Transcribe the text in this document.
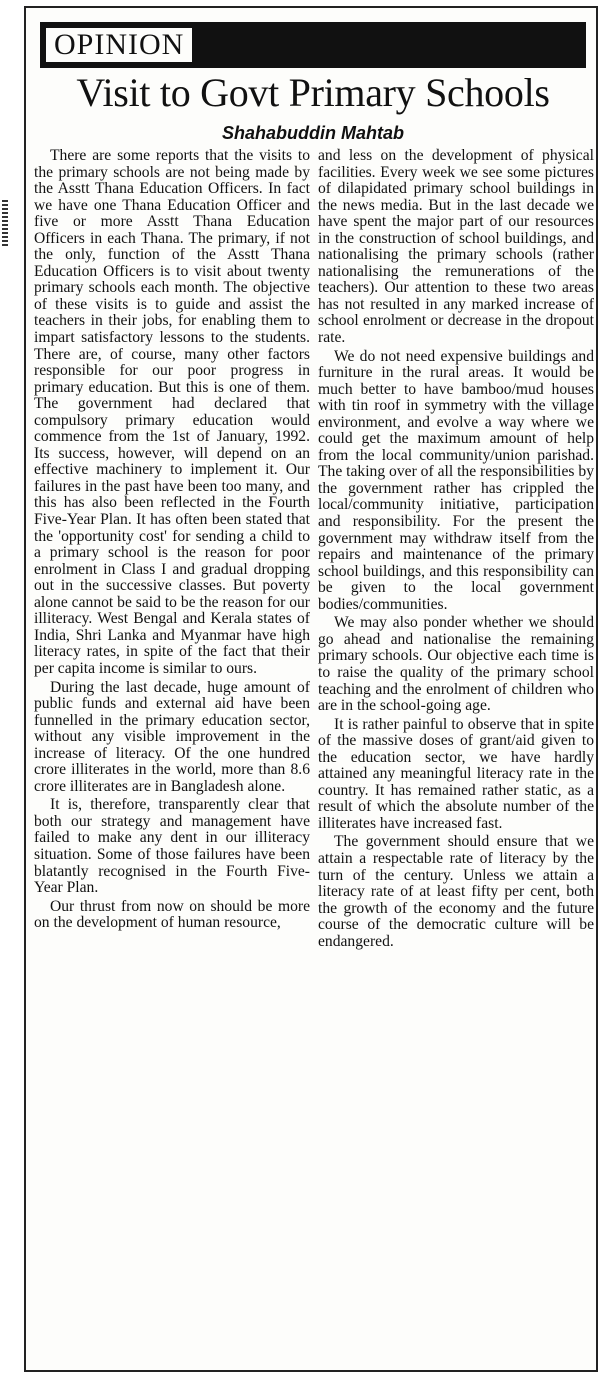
OPINION
Visit to Govt Primary Schools
Shahabuddin Mahtab

There are some reports that the visits to the primary schools are not being made by the Asstt Thana Education Officers. In fact we have one Thana Education Officer and five or more Asstt Thana Education Officers in each Thana. The primary, if not the only, function of the Asstt Thana Education Officers is to visit about twenty primary schools each month. The objective of these visits is to guide and assist the teachers in their jobs, for enabling them to impart satisfactory lessons to the students. There are, of course, many other factors responsible for our poor progress in primary education. But this is one of them. The government had declared that compulsory primary education would commence from the 1st of January, 1992. Its success, however, will depend on an effective machinery to implement it. Our failures in the past have been too many, and this has also been reflected in the Fourth Five-Year Plan. It has often been stated that the 'opportunity cost' for sending a child to a primary school is the reason for poor enrolment in Class I and gradual dropping out in the successive classes. But poverty alone cannot be said to be the reason for our illiteracy. West Bengal and Kerala states of India, Shri Lanka and Myanmar have high literacy rates, in spite of the fact that their per capita income is similar to ours.

During the last decade, huge amount of public funds and external aid have been funnelled in the primary education sector, without any visible improvement in the increase of literacy. Of the one hundred crore illiterates in the world, more than 8.6 crore illiterates are in Bangladesh alone.

It is, therefore, transparently clear that both our strategy and management have failed to make any dent in our illiteracy situation. Some of those failures have been blatantly recognised in the Fourth Five-Year Plan.

Our thrust from now on should be more on the development of human resource,

and less on the development of physical facilities. Every week we see some pictures of dilapidated primary school buildings in the news media. But in the last decade we have spent the major part of our resources in the construction of school buildings, and nationalising the primary schools (rather nationalising the remunerations of the teachers). Our attention to these two areas has not resulted in any marked increase of school enrolment or decrease in the dropout rate.

We do not need expensive buildings and furniture in the rural areas. It would be much better to have bamboo/mud houses with tin roof in symmetry with the village environment, and evolve a way where we could get the maximum amount of help from the local community/union parishad. The taking over of all the responsibilities by the government rather has crippled the local/community initiative, participation and responsibility. For the present the government may withdraw itself from the repairs and maintenance of the primary school buildings, and this responsibility can be given to the local government bodies/communities.

We may also ponder whether we should go ahead and nationalise the remaining primary schools. Our objective each time is to raise the quality of the primary school teaching and the enrolment of children who are in the school-going age.

It is rather painful to observe that in spite of the massive doses of grant/aid given to the education sector, we have hardly attained any meaningful literacy rate in the country. It has remained rather static, as a result of which the absolute number of the illiterates have increased fast.

The government should ensure that we attain a respectable rate of literacy by the turn of the century. Unless we attain a literacy rate of at least fifty per cent, both the growth of the economy and the future course of the democratic culture will be endangered.
